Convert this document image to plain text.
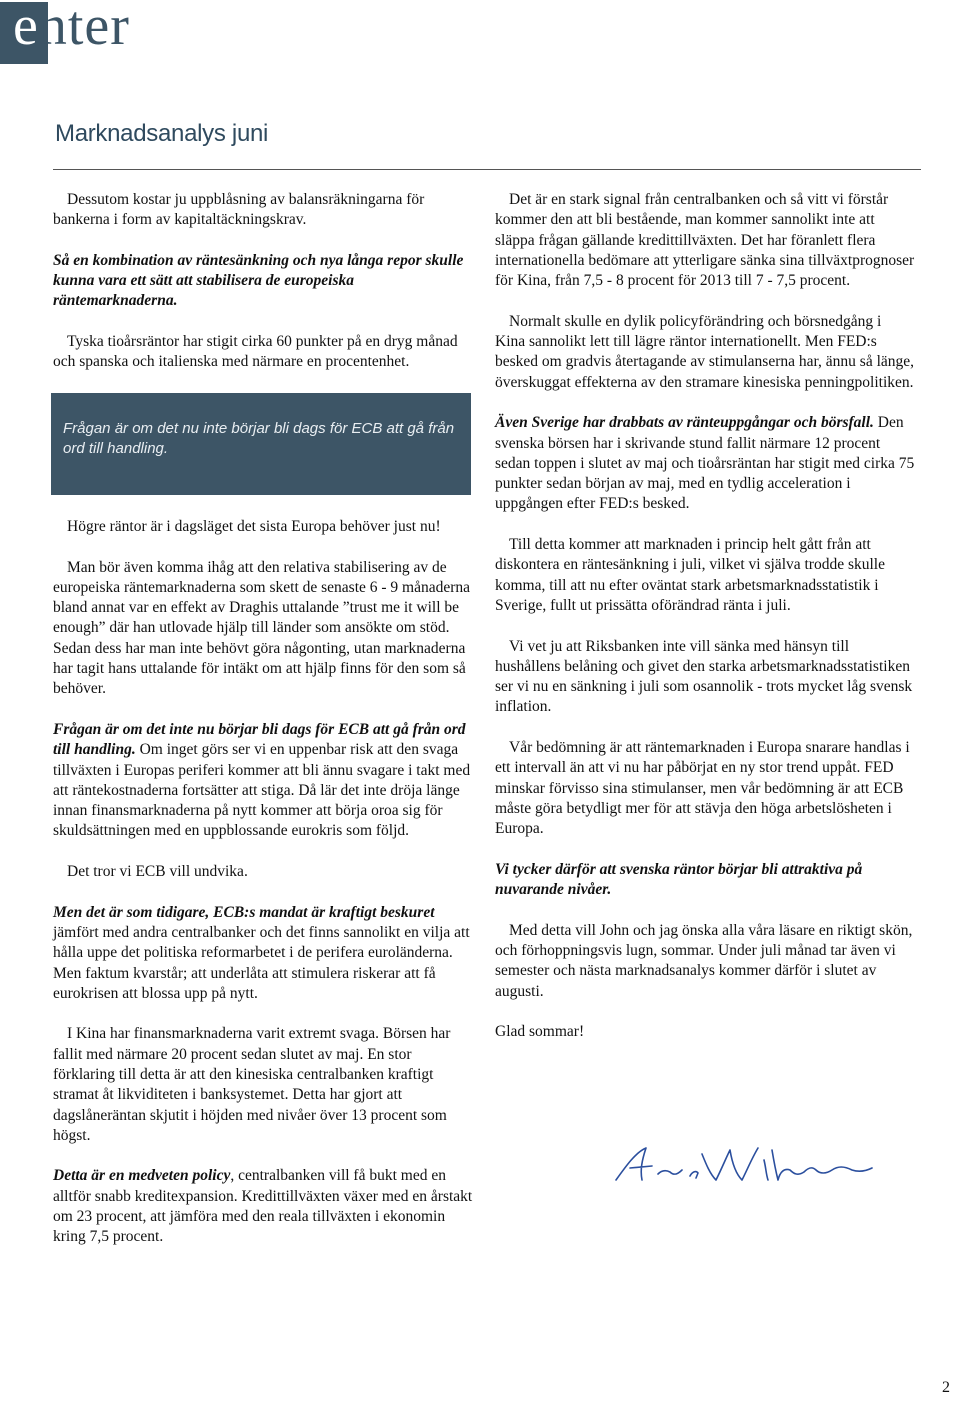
enter
Marknadsanalys juni

Dessutom kostar ju uppblåsning av balansräkningarna för bankerna i form av kapitaltäckningskrav.

Så en kombination av räntesänkning och nya långa repor skulle kunna vara ett sätt att stabilisera de europeiska räntemarknaderna.

Tyska tioårsräntor har stigit cirka 60 punkter på en dryg månad och spanska och italienska med närmare en procentenhet.

Frågan är om det nu inte börjar bli dags för ECB att gå från ord till handling.

Högre räntor är i dagsläget det sista Europa behöver just nu!

Man bör även komma ihåg att den relativa stabilisering av de europeiska räntemarknaderna som skett de senaste 6 - 9 månaderna bland annat var en effekt av Draghis uttalande ”trust me it will be enough” där han utlovade hjälp till länder som ansökte om stöd. Sedan dess har man inte behövt göra någonting, utan marknaderna har tagit hans uttalande för intäkt om att hjälp finns för den som så behöver.

Frågan är om det inte nu börjar bli dags för ECB att gå från ord till handling. Om inget görs ser vi en uppenbar risk att den svaga tillväxten i Europas periferi kommer att bli ännu svagare i takt med att räntekostnaderna fortsätter att stiga. Då lär det inte dröja länge innan finansmarknaderna på nytt kommer att börja oroa sig för skuldsättningen med en uppblossande eurokris som följd.

Det tror vi ECB vill undvika.

Men det är som tidigare, ECB:s mandat är kraftigt beskuret jämfört med andra centralbanker och det finns sannolikt en vilja att hålla uppe det politiska reformarbetet i de perifera euroländerna. Men faktum kvarstår; att underlåta att stimulera riskerar att få eurokrisen att blossa upp på nytt.

I Kina har finansmarknaderna varit extremt svaga. Börsen har fallit med närmare 20 procent sedan slutet av maj. En stor förklaring till detta är att den kinesiska centralbanken kraftigt stramat åt likviditeten i banksystemet. Detta har gjort att dagslåneräntan skjutit i höjden med nivåer över 13 procent som högst.

Detta är en medveten policy, centralbanken vill få bukt med en alltför snabb kreditexpansion. Kredittillväxten växer med en årstakt om 23 procent, att jämföra med den reala tillväxten i ekonomin kring 7,5 procent.

Det är en stark signal från centralbanken och så vitt vi förstår kommer den att bli bestående, man kommer sannolikt inte att släppa frågan gällande kredittillväxten. Det har föranlett flera internationella bedömare att ytterligare sänka sina tillväxtprognoser för Kina, från 7,5 - 8 procent för 2013 till 7 - 7,5 procent.

Normalt skulle en dylik policyförändring och börsnedgång i Kina sannolikt lett till lägre räntor internationellt. Men FED:s besked om gradvis återtagande av stimulanserna har, ännu så länge, överskuggat effekterna av den stramare kinesiska penningpolitiken.

Även Sverige har drabbats av ränteuppgångar och börsfall. Den svenska börsen har i skrivande stund fallit närmare 12 procent sedan toppen i slutet av maj och tioårsräntan har stigit med cirka 75 punkter sedan början av maj, med en tydlig acceleration i uppgången efter FED:s besked.

Till detta kommer att marknaden i princip helt gått från att diskontera en räntesänkning i juli, vilket vi själva trodde skulle komma, till att nu efter oväntat stark arbetsmarknadsstatistik i Sverige, fullt ut prissätta oförändrad ränta i juli.

Vi vet ju att Riksbanken inte vill sänka med hänsyn till hushållens belåning och givet den starka arbetsmarknadsstatistiken ser vi nu en sänkning i juli som osannolik - trots mycket låg svensk inflation.

Vår bedömning är att räntemarknaden i Europa snarare handlas i ett intervall än att vi nu har påbörjat en ny stor trend uppåt. FED minskar förvisso sina stimulanser, men vår bedömning är att ECB måste göra betydligt mer för att stävja den höga arbetslösheten i Europa.

Vi tycker därför att svenska räntor börjar bli attraktiva på nuvarande nivåer.

Med detta vill John och jag önska alla våra läsare en riktigt skön, och förhoppningsvis lugn, sommar. Under juli månad tar även vi semester och nästa marknadsanalys kommer därför i slutet av augusti.

Glad sommar!

2
